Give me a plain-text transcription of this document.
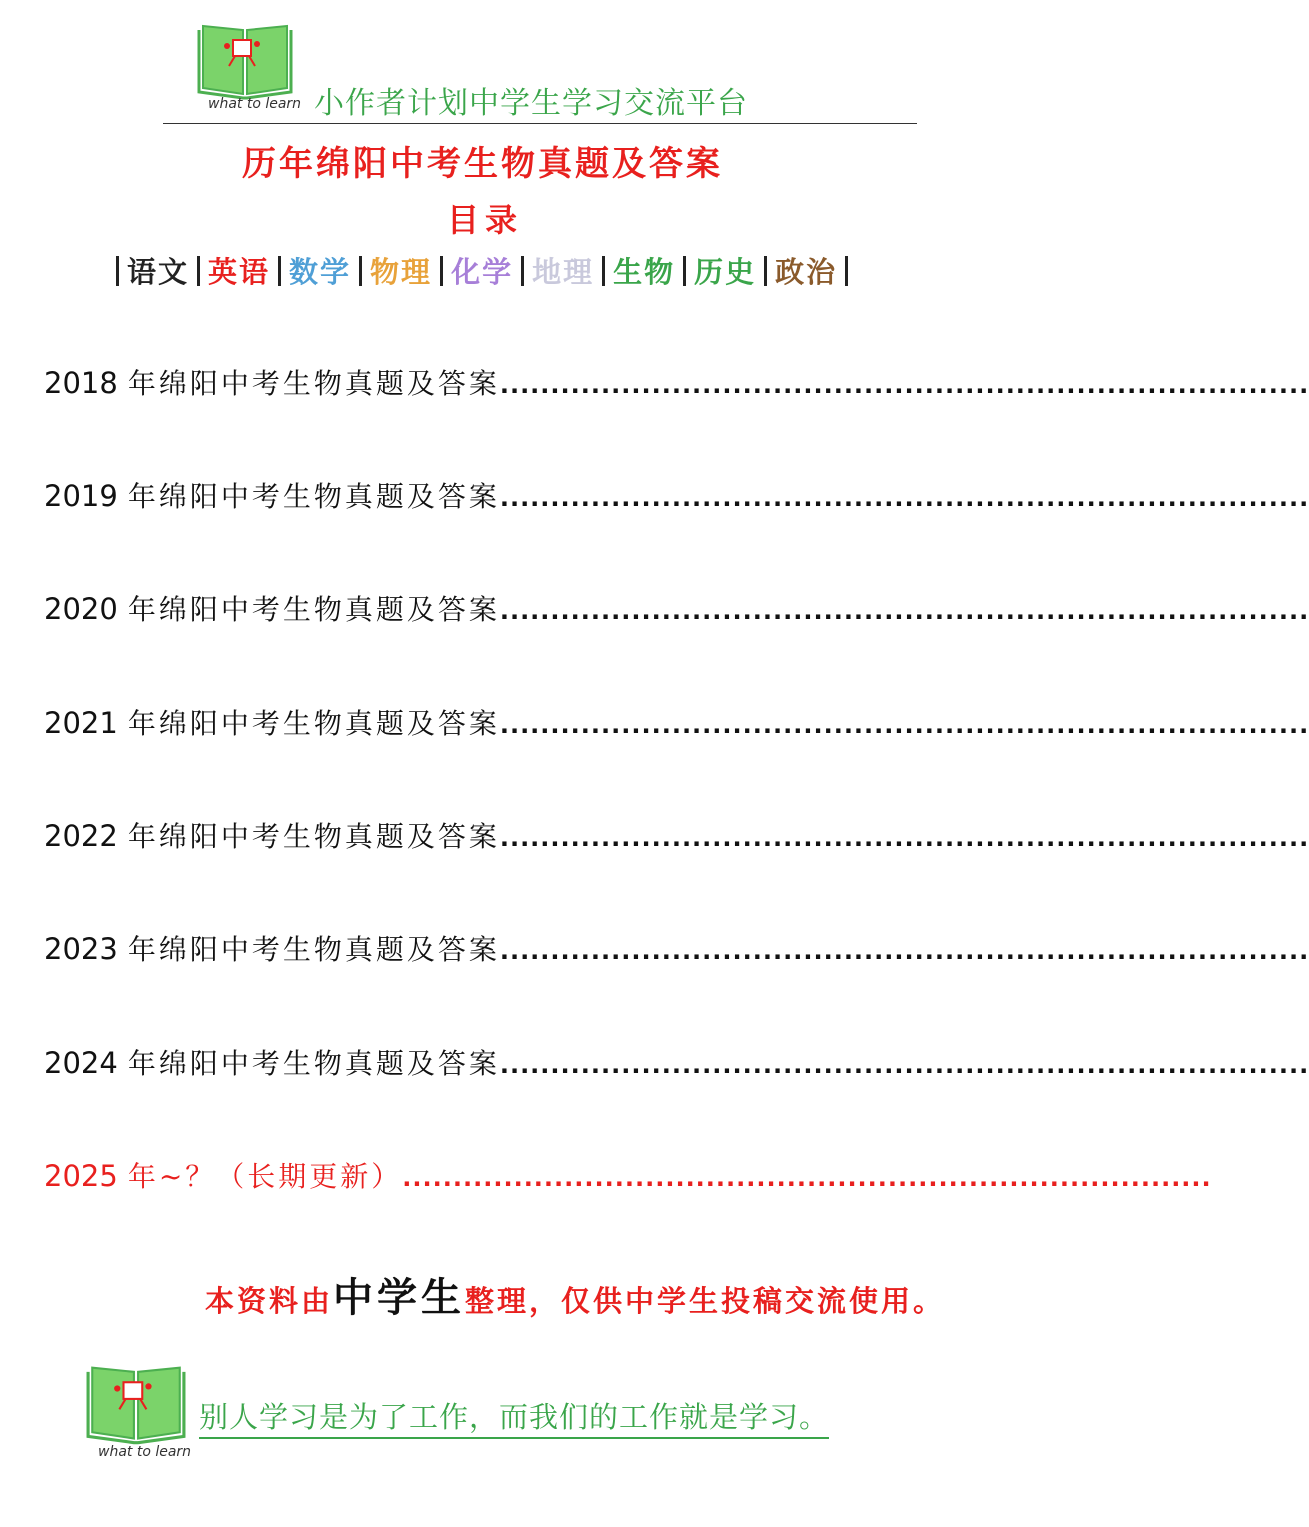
what to learn 小作者计划中学生学习交流平台
历年绵阳中考生物真题及答案
目录
语文 英语 数学 物理 化学 地理 生物 历史 政治
2018 年绵阳中考生物真题及答案 ................................................................................
2019 年绵阳中考生物真题及答案 ................................................................................
2020 年绵阳中考生物真题及答案 ................................................................................
2021 年绵阳中考生物真题及答案 ................................................................................
2022 年绵阳中考生物真题及答案 ................................................................................
2023 年绵阳中考生物真题及答案 ................................................................................
2024 年绵阳中考生物真题及答案 ................................................................................
2025 年~？（长期更新） ................................................................................
本资料由 中学生 整理，仅供中学生投稿交流使用。
what to learn
别人学习是为了工作，而我们的工作就是学习。
